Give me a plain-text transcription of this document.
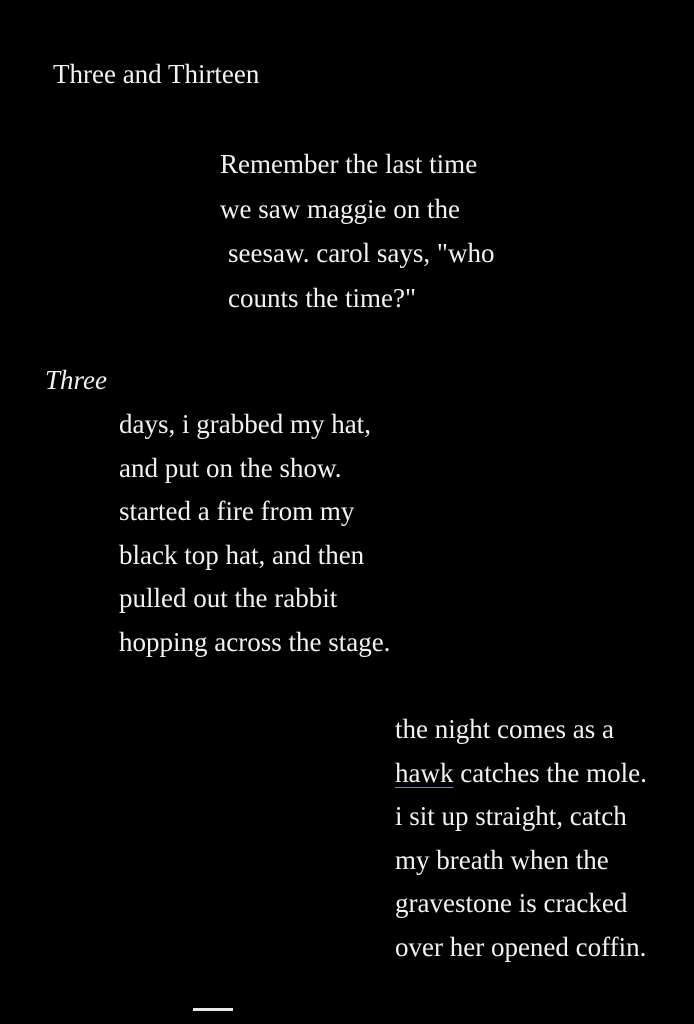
Three and Thirteen
Remember the last time
we saw maggie on the
seesaw. carol says, "who
counts the time?"
Three
days, i grabbed my hat,
and put on the show.
started a fire from my
black top hat, and then
pulled out the rabbit
hopping across the stage.
the night comes as a
hawk catches the mole.
i sit up straight, catch
my breath when the
gravestone is cracked
over her opened coffin.
